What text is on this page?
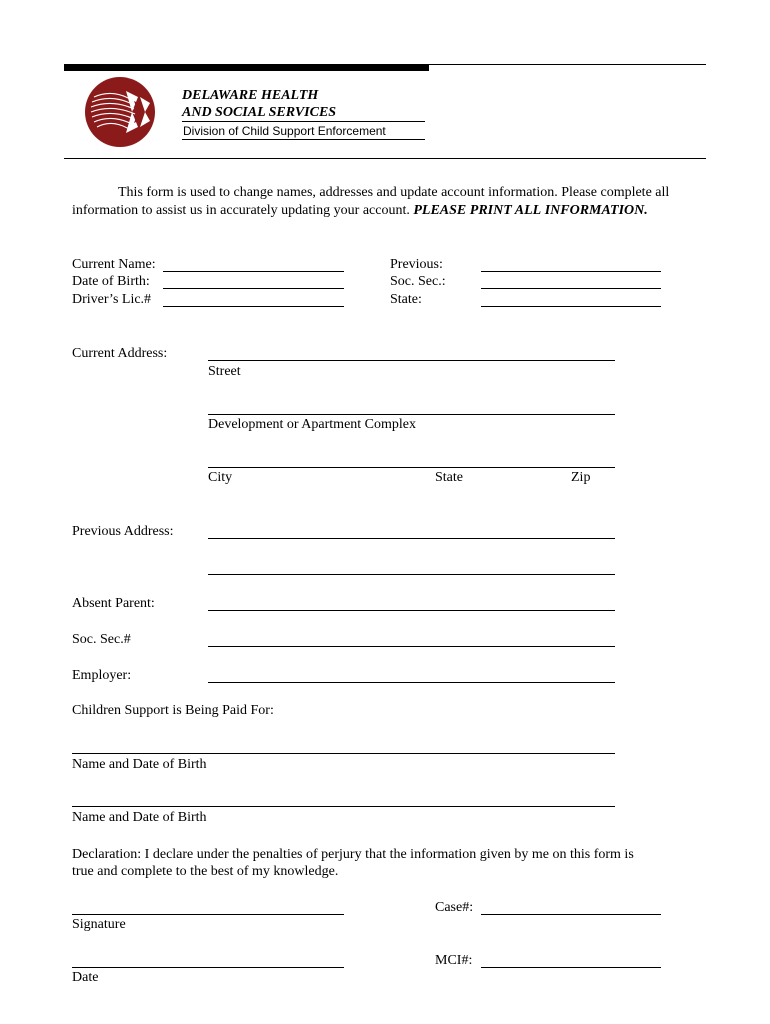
DELAWARE HEALTH
AND SOCIAL SERVICES
Division of Child Support Enforcement
This form is used to change names, addresses and update account information. Please complete all information to assist us in accurately updating your account. PLEASE PRINT ALL INFORMATION.
Current Name:
Date of Birth:
Driver’s Lic.#
Previous:
Soc. Sec.:
State:
Current Address:
Street
Development or Apartment Complex
City	State	Zip
Previous Address:
Absent Parent:
Soc. Sec.#
Employer:
Children Support is Being Paid For:
Name and Date of Birth
Name and Date of Birth
Declaration: I declare under the penalties of perjury that the information given by me on this form is
true and complete to the best of my knowledge.
Signature
Case#:
Date
MCI#:
